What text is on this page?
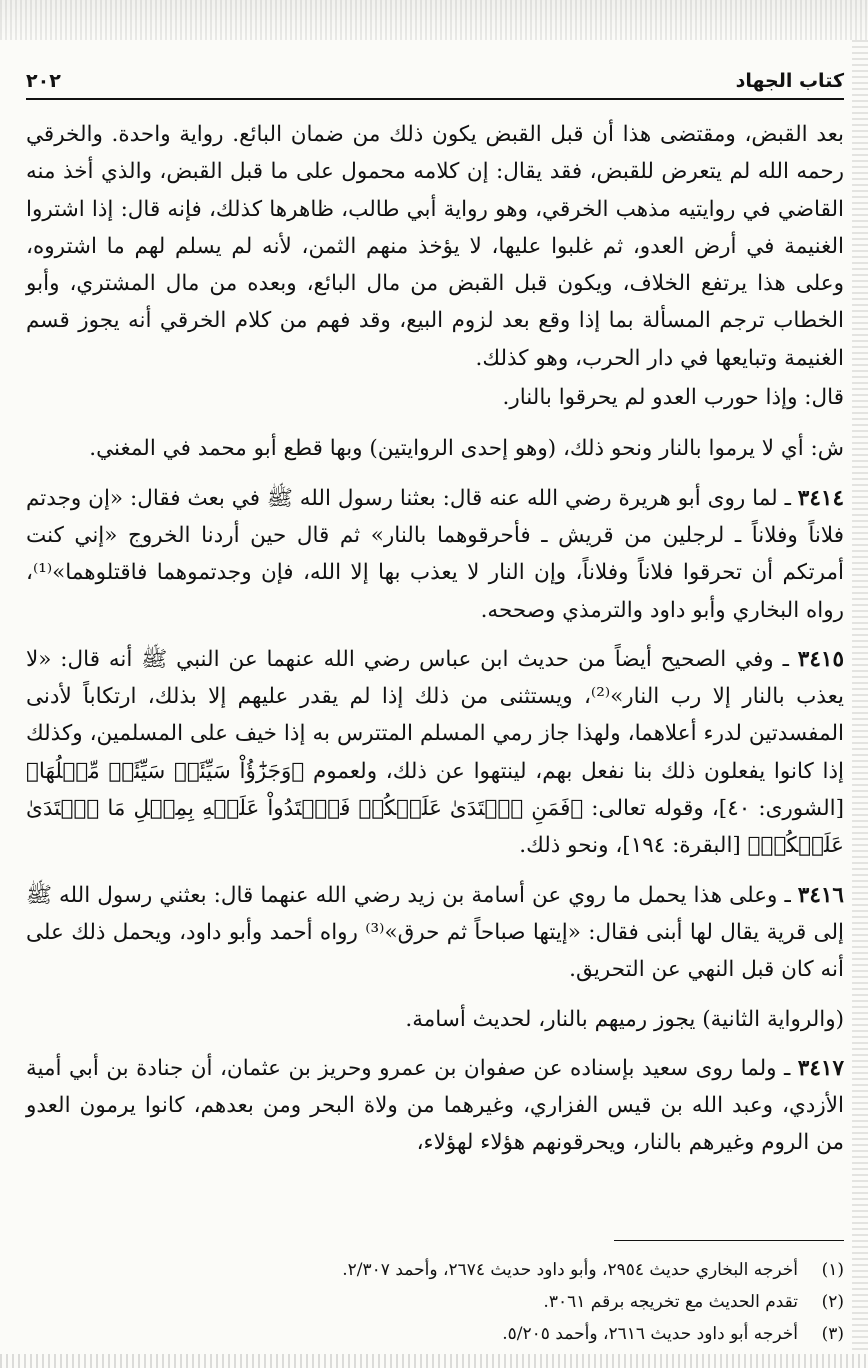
كتاب الجهاد
٢٠٢

بعد القبض، ومقتضى هذا أن قبل القبض يكون ذلك من ضمان البائع. رواية واحدة. والخرقي رحمه الله لم يتعرض للقبض، فقد يقال: إن كلامه محمول على ما قبل القبض، والذي أخذ منه القاضي في روايتيه مذهب الخرقي، وهو رواية أبي طالب، ظاهرها كذلك، فإنه قال: إذا اشتروا الغنيمة في أرض العدو، ثم غلبوا عليها، لا يؤخذ منهم الثمن، لأنه لم يسلم لهم ما اشتروه، وعلى هذا يرتفع الخلاف، ويكون قبل القبض من مال البائع، وبعده من مال المشتري، وأبو الخطاب ترجم المسألة بما إذا وقع بعد لزوم البيع، وقد فهم من كلام الخرقي أنه يجوز قسم الغنيمة وتبايعها في دار الحرب، وهو كذلك.

قال: وإذا حورب العدو لم يحرقوا بالنار.

ش: أي لا يرموا بالنار ونحو ذلك، (وهو إحدى الروايتين) وبها قطع أبو محمد في المغني.

٣٤١٤ ـ لما روى أبو هريرة رضي الله عنه قال: بعثنا رسول الله ﷺ في بعث فقال: «إن وجدتم فلاناً وفلاناً ـ لرجلين من قريش ـ فأحرقوهما بالنار» ثم قال حين أردنا الخروج «إني كنت أمرتكم أن تحرقوا فلاناً وفلاناً، وإن النار لا يعذب بها إلا الله، فإن وجدتموهما فاقتلوهما»⁽¹⁾، رواه البخاري وأبو داود والترمذي وصححه.

٣٤١٥ ـ وفي الصحيح أيضاً من حديث ابن عباس رضي الله عنهما عن النبي ﷺ أنه قال: «لا يعذب بالنار إلا رب النار»⁽²⁾، ويستثنى من ذلك إذا لم يقدر عليهم إلا بذلك، ارتكاباً لأدنى المفسدتين لدرء أعلاهما، ولهذا جاز رمي المسلم المتترس به إذا خيف على المسلمين، وكذلك إذا كانوا يفعلون ذلك بنا نفعل بهم، لينتهوا عن ذلك، ولعموم ﴿وَجَزَٰٓؤُاْ سَيِّئَةٖ سَيِّئَةٞ مِّثۡلُهَا﴾ [الشورى: ٤٠]، وقوله تعالى: ﴿فَمَنِ ٱعۡتَدَىٰ عَلَيۡكُمۡ فَٱعۡتَدُواْ عَلَيۡهِ بِمِثۡلِ مَا ٱعۡتَدَىٰ عَلَيۡكُمۡ﴾ [البقرة: ١٩٤]، ونحو ذلك.

٣٤١٦ ـ وعلى هذا يحمل ما روي عن أسامة بن زيد رضي الله عنهما قال: بعثني رسول الله ﷺ إلى قرية يقال لها أبنى فقال: «إيتها صباحاً ثم حرق»⁽³⁾ رواه أحمد وأبو داود، ويحمل ذلك على أنه كان قبل النهي عن التحريق.

(والرواية الثانية) يجوز رميهم بالنار، لحديث أسامة.

٣٤١٧ ـ ولما روى سعيد بإسناده عن صفوان بن عمرو وحريز بن عثمان، أن جنادة بن أبي أمية الأزدي، وعبد الله بن قيس الفزاري، وغيرهما من ولاة البحر ومن بعدهم، كانوا يرمون العدو من الروم وغيرهم بالنار، ويحرقونهم هؤلاء لهؤلاء،

(١)
أخرجه البخاري حديث ٢٩٥٤، وأبو داود حديث ٢٦٧٤، وأحمد ٢/٣٠٧.
(٢)
تقدم الحديث مع تخريجه برقم ٣٠٦١.
(٣)
أخرجه أبو داود حديث ٢٦١٦، وأحمد ٥/٢٠٥.
